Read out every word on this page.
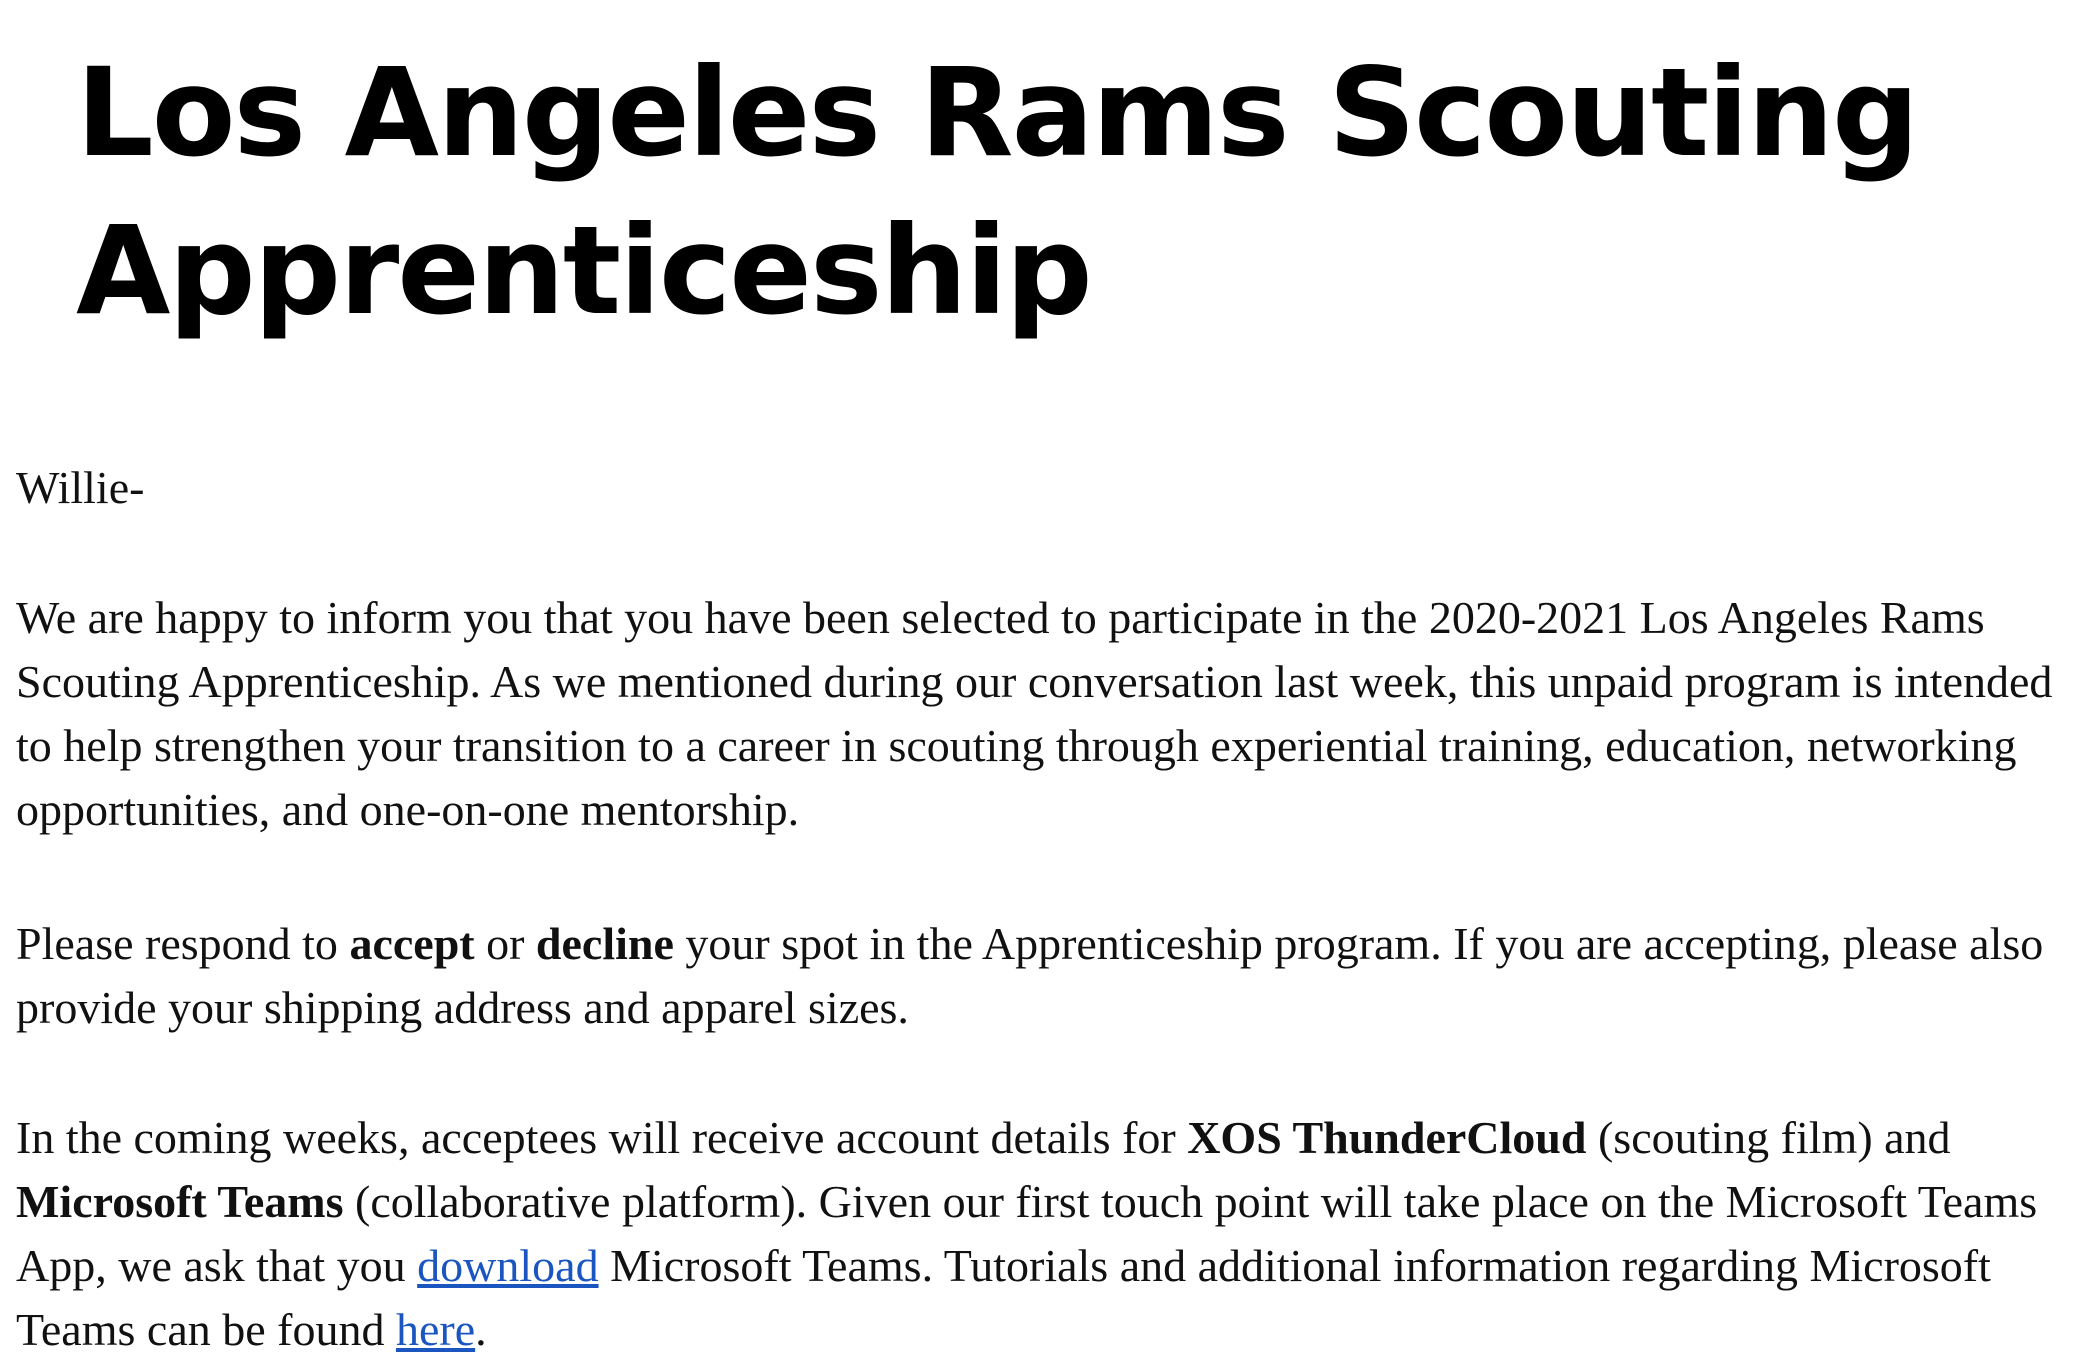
Los Angeles Rams Scouting
Apprenticeship

Willie-

We are happy to inform you that you have been selected to participate in the 2020-2021 Los Angeles Rams Scouting Apprenticeship. As we mentioned during our conversation last week, this unpaid program is intended to help strengthen your transition to a career in scouting through experiential training, education, networking opportunities, and one-on-one mentorship.

Please respond to accept or decline your spot in the Apprenticeship program. If you are accepting, please also provide your shipping address and apparel sizes.

In the coming weeks, acceptees will receive account details for XOS ThunderCloud (scouting film) and Microsoft Teams (collaborative platform). Given our first touch point will take place on the Microsoft Teams App, we ask that you download Microsoft Teams. Tutorials and additional information regarding Microsoft Teams can be found here.
